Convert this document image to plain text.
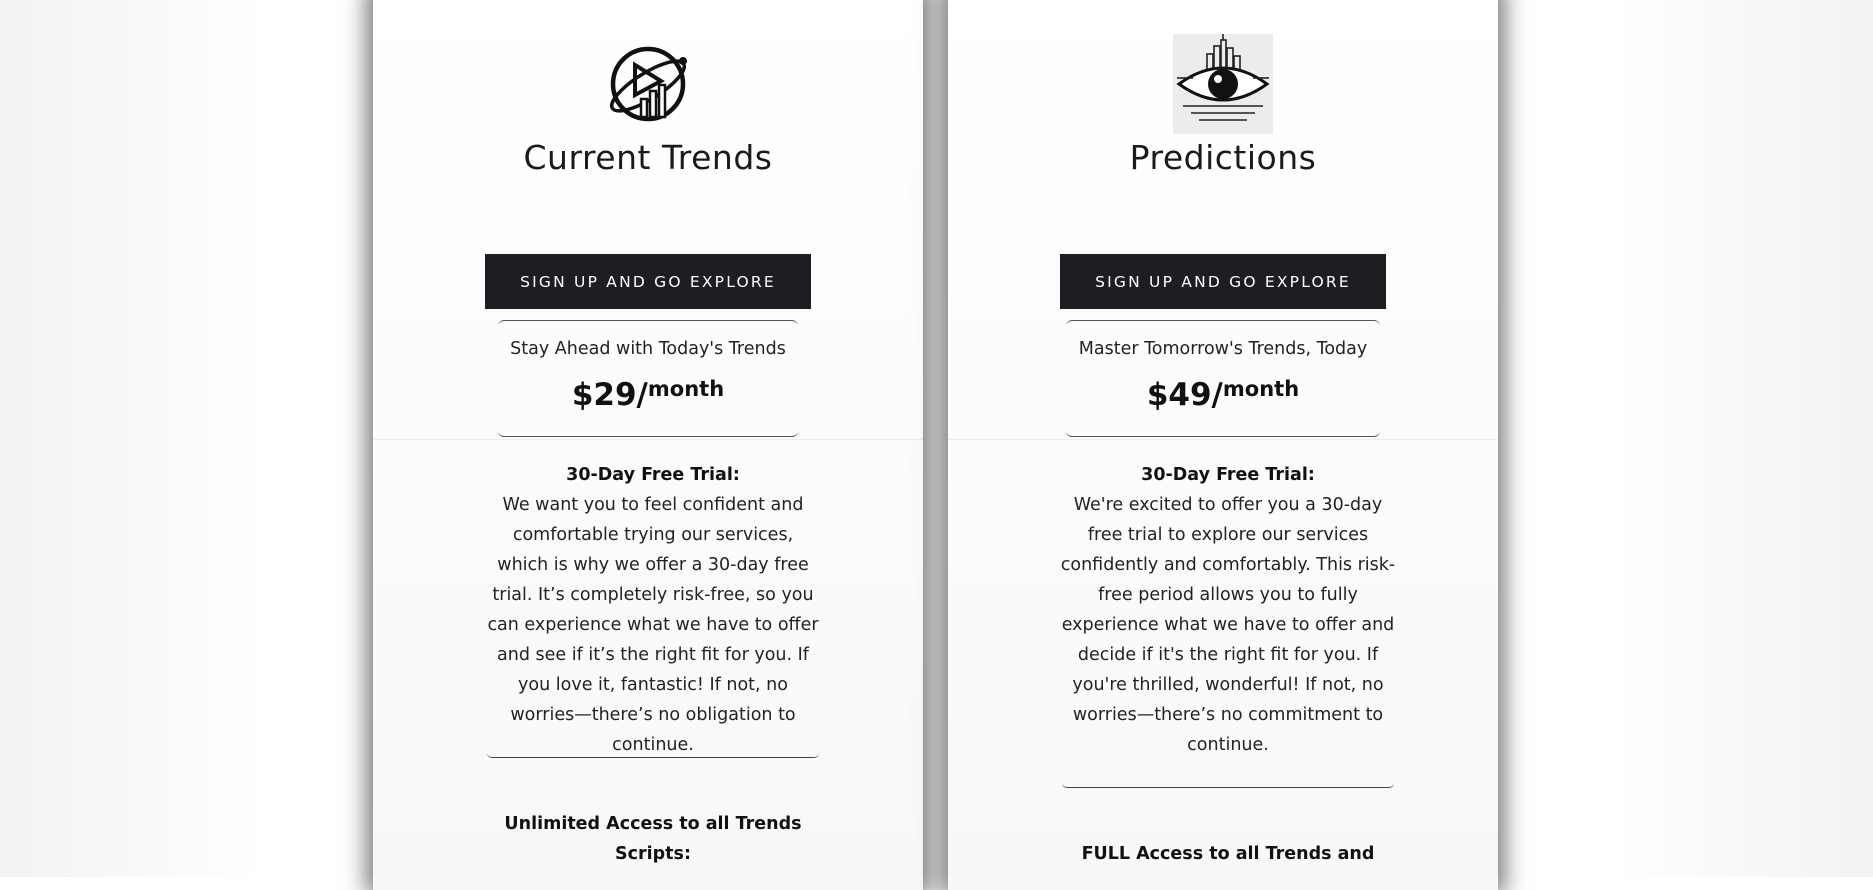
Current Trends
SIGN UP AND GO EXPLORE
Stay Ahead with Today's Trends
$29/$^{month}$
30-Day Free Trial:
We want you to feel confident and comfortable trying our services, which is why we offer a 30-day free trial. It’s completely risk-free, so you can experience what we have to offer and see if it’s the right fit for you. If you love it, fantastic! If not, no worries—there’s no obligation to continue.
Unlimited Access to all Trends Scripts:
Predictions
SIGN UP AND GO EXPLORE
Master Tomorrow's Trends, Today
$49/$^{month}$
30-Day Free Trial:
We're excited to offer you a 30-day free trial to explore our services confidently and comfortably. This risk-free period allows you to fully experience what we have to offer and decide if it's the right fit for you. If you're thrilled, wonderful! If not, no worries—there’s no commitment to continue.
FULL Access to all Trends and
